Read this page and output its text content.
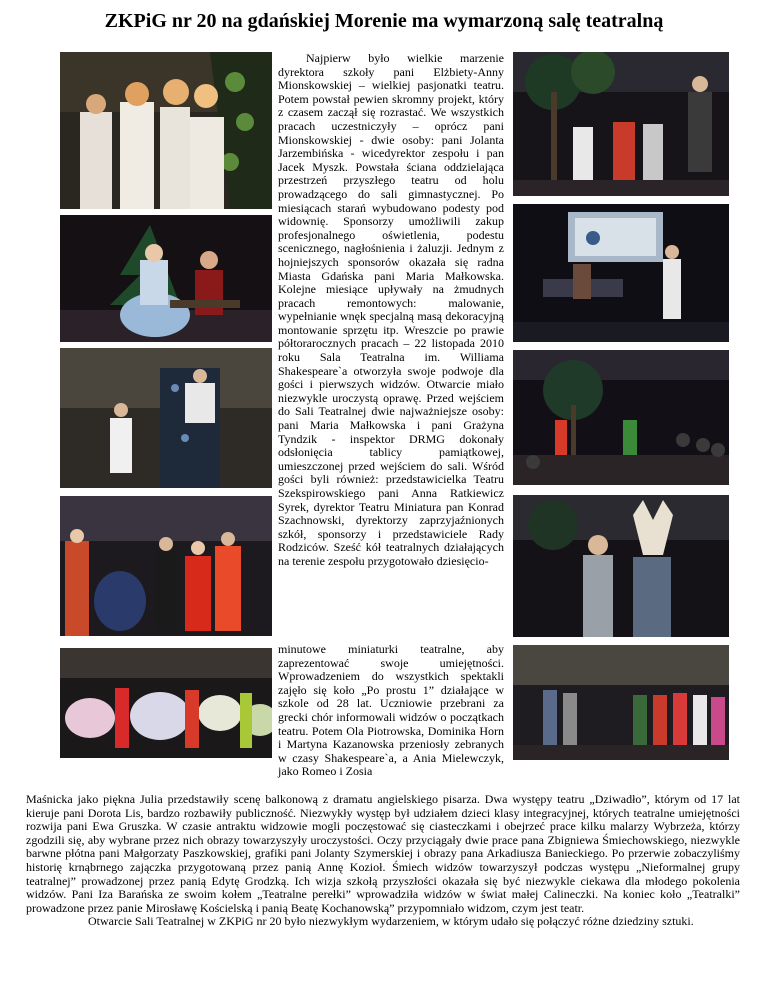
ZKPiG nr 20 na gdańskiej Morenie ma wymarzoną salę teatralną
Najpierw było wielkie marzenie dyrektora szkoły pani Elżbiety-Anny Mionskowskiej – wielkiej pasjonatki teatru. Potem powstał pewien skromny projekt, który z czasem zaczął się rozrastać. We wszystkich pracach uczestniczyły – oprócz pani Mionskowskiej - dwie osoby: pani Jolanta Jarzembińska - wicedyrektor zespołu i pan Jacek Myszk. Powstała ściana oddzielająca przestrzeń przyszłego teatru od holu prowadzącego do sali gimnastycznej. Po miesiącach starań wybudowano podesty pod widownię. Sponsorzy umożliwili zakup profesjonalnego oświetlenia, podestu scenicznego, nagłośnienia i żaluzji. Jednym z hojniejszych sponsorów okazała się radna Miasta Gdańska pani Maria Małkowska. Kolejne miesiące upływały na żmudnych pracach remontowych: malowanie, wypełnianie wnęk specjalną masą dekoracyjną montowanie sprzętu itp. Wreszcie po prawie półtorarocznych pracach – 22 listopada 2010 roku Sala Teatralna im. Williama Shakespeare`a otworzyła swoje podwoje dla gości i pierwszych widzów. Otwarcie miało niezwykle uroczystą oprawę. Przed wejściem do Sali Teatralnej dwie najważniejsze osoby: pani Maria Małkowska i pani Grażyna Tyndzik - inspektor DRMG dokonały odsłonięcia tablicy pamiątkowej, umieszczonej przed wejściem do sali. Wśród gości byli również: przedstawicielka Teatru Szekspirowskiego pani Anna Ratkiewicz Syrek, dyrektor Teatru Miniatura pan Konrad Szachnowski, dyrektorzy zaprzyjaźnionych szkół, sponsorzy i przedstawiciele Rady Rodziców. Sześć kół teatralnych działających na terenie zespołu przygotowało dziesięcio-
minutowe miniaturki teatralne, aby zaprezentować swoje umiejętności. Wprowadzeniem do wszystkich spektakli zajęło się koło „Po prostu 1” działające w szkole od 28 lat. Uczniowie przebrani za grecki chór informowali widzów o początkach teatru. Potem Ola Piotrowska, Dominika Horn i Martyna Kazanowska przeniosły zebranych w czasy Shakespeare`a, a Ania Mielewczyk, jako Romeo i Zosia
Maśnicka jako piękna Julia przedstawiły scenę balkonową z dramatu angielskiego pisarza. Dwa występy teatru „Dziwadło”, którym od 17 lat kieruje pani Dorota Lis, bardzo rozbawiły publiczność. Niezwykły występ był udziałem dzieci klasy integracyjnej, których teatralne umiejętności rozwija pani Ewa Gruszka. W czasie antraktu widzowie mogli poczęstować się ciasteczkami i obejrzeć prace kilku malarzy Wybrzeża, którzy zgodzili się, aby wybrane przez nich obrazy towarzyszyły uroczystości. Oczy przyciągały dwie prace pana Zbigniewa Śmiechowskiego, niezwykle barwne płótna pani Małgorzaty Paszkowskiej, grafiki pani Jolanty Szymerskiej i obrazy pana Arkadiusza Banieckiego. Po przerwie zobaczyliśmy historię krnąbrnego zajączka przygotowaną przez panią Annę Kozioł. Śmiech widzów towarzyszył podczas występu „Nieformalnej grupy teatralnej” prowadzonej przez panią Edytę Grodzką. Ich wizja szkołą przyszłości okazała się być niezwykle ciekawa dla młodego pokolenia widzów. Pani Iza Barańska ze swoim kołem „Teatralne perełki” wprowadziła widzów w świat małej Calineczki. Na koniec koło „Teatralki” prowadzone przez panie Mirosławę Kościelską i panią Beatę Kochanowską” przypomniało widzom, czym jest teatr.
Otwarcie Sali Teatralnej w ZKPiG nr 20 było niezwykłym wydarzeniem, w którym udało się połączyć różne dziedziny sztuki.
